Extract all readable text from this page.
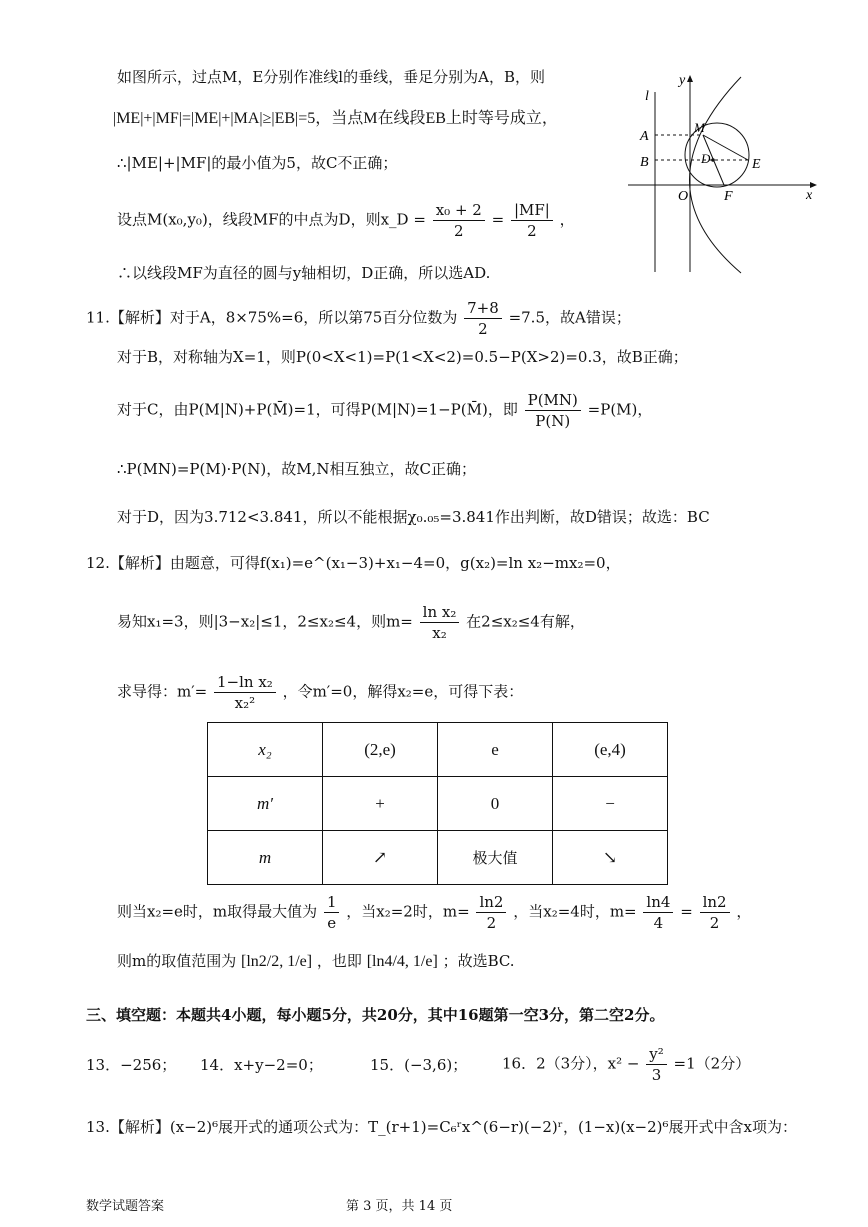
如图所示，过点M，E分别作准线l的垂线，垂足分别为A，B，则
|ME|+|MF|=|ME|+|MA|≥|EB|=5，当点M在线段EB上时等号成立，
∴|ME|+|MF|的最小值为5，故C不正确；
设点M(x₀,y₀)，线段MF的中点为D，则x_D = $\frac{\text{x₀ + 2}}{2} = \frac{|MF|}{2}$ ，
∴以线段MF为直径的圆与y轴相切，D正确，所以选AD.
11.【解析】对于A，8×75%=6，所以第75百分位数为 $\frac{7+8}{2} =7.5$，故A错误；
对于B，对称轴为X=1，则P(0<X<1)=P(1<X<2)=0.5−P(X>2)=0.3，故B正确；
对于C，由P(M|N)+P(M̄)=1，可得P(M|N)=1−P(M̄)，即 $\frac{P(MN)}{P(N)} =P(M)$，
∴P(MN)=P(M)·P(N)，故M,N相互独立，故C正确；
对于D，因为3.712<3.841，所以不能根据χ₀.₀₅=3.841作出判断，故D错误；故选：BC
12.【解析】由题意，可得f(x₁)=e^(x₁−3)+x₁−4=0，g(x₂)=ln x₂−mx₂=0，
易知x₁=3，则|3−x₂|≤1，2≤x₂≤4，则$m= \frac{\text{ln x₂}}{\text{x₂}}$ 在2≤x₂≤4有解，
求导得：$m'= \frac{\text{1−ln x₂}}{\text{x₂²}}$ ，令m′=0，解得x₂=e，可得下表：
x₂	(2,e)	e	(e,4)
m′	+	0	−
m	↗	极大值	↘
则当x₂=e时，m取得最大值为 $\frac{1}{e}$ ，当x₂=2时，$m= \frac{\ln 2}{2}$ ，当x₂=4时，$m= \frac{\ln 4}{4} = \frac{\ln 2}{2}$ ，
则m的取值范围为 [ln2/2, 1/e] ，也即 [ln4/4, 1/e] ；故选BC.
三、填空题：本题共4小题，每小题5分，共20分，其中16题第一空3分，第二空2分。
13．−256； 14．x+y−2=0；	15．(−3,6)； 16．2（3分），$x^2 - \frac{\text{y²}}{3} =1(2$分）
13.【解析】(x−2)⁶展开式的通项公式为：T_(r+1)=C₆ʳx^(6−r)(−2)ʳ，(1−x)(x−2)⁶展开式中含x项为：
数学试题答案	第 3 页，共 14 页
y
l
A
M
B	D	E
O	F	x
